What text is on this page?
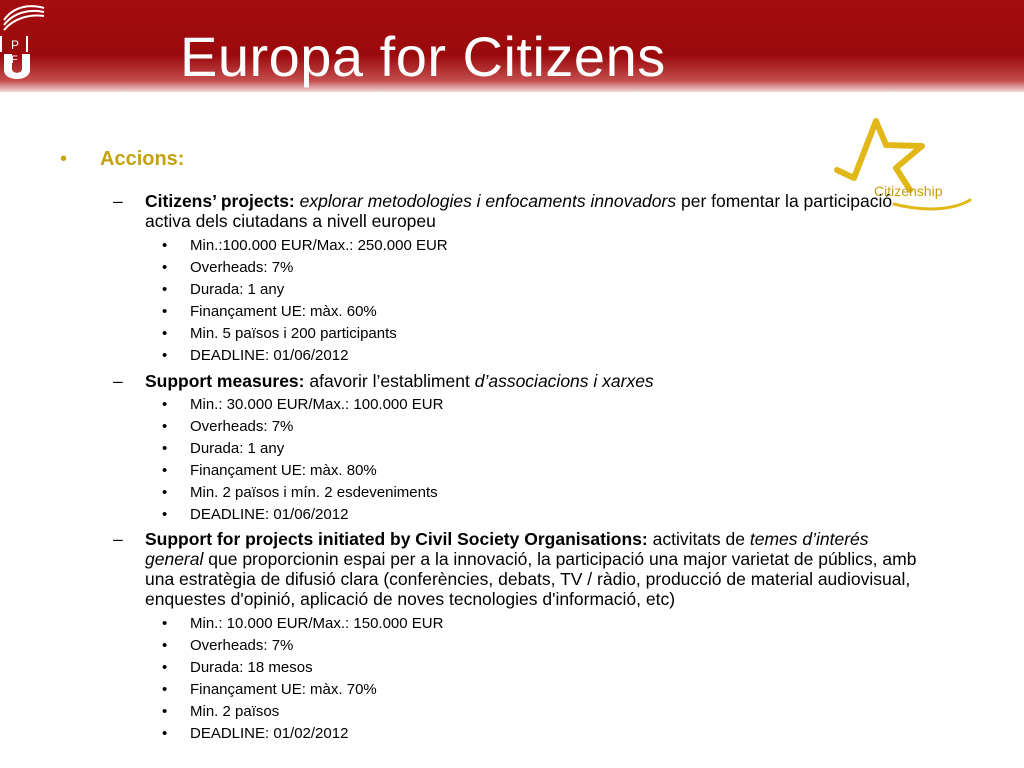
P
F	Europa for Citizens
Citizenship
• Accions:
– Citizens’ projects: explorar metodologies i enfocaments innovadors per fomentar la participació activa dels ciutadans a nivell europeu
• Min.:100.000 EUR/Max.: 250.000 EUR
• Overheads: 7%
• Durada: 1 any
• Finançament UE: màx. 60%
• Min. 5 països i 200 participants
• DEADLINE: 01/06/2012
– Support measures: afavorir l’establiment d’associacions i xarxes
• Min.: 30.000 EUR/Max.: 100.000 EUR
• Overheads: 7%
• Durada: 1 any
• Finançament UE: màx. 80%
• Min. 2 països i mín. 2 esdeveniments
• DEADLINE: 01/06/2012
– Support for projects initiated by Civil Society Organisations: activitats de temes d’interés general que proporcionin espai per a la innovació, la participació una major varietat de públics, amb una estratègia de difusió clara (conferències, debats, TV / ràdio, producció de material audiovisual, enquestes d'opinió, aplicació de noves tecnologies d'informació, etc)
• Min.: 10.000 EUR/Max.: 150.000 EUR
• Overheads: 7%
• Durada: 18 mesos
• Finançament UE: màx. 70%
• Min. 2 països
• DEADLINE: 01/02/2012
